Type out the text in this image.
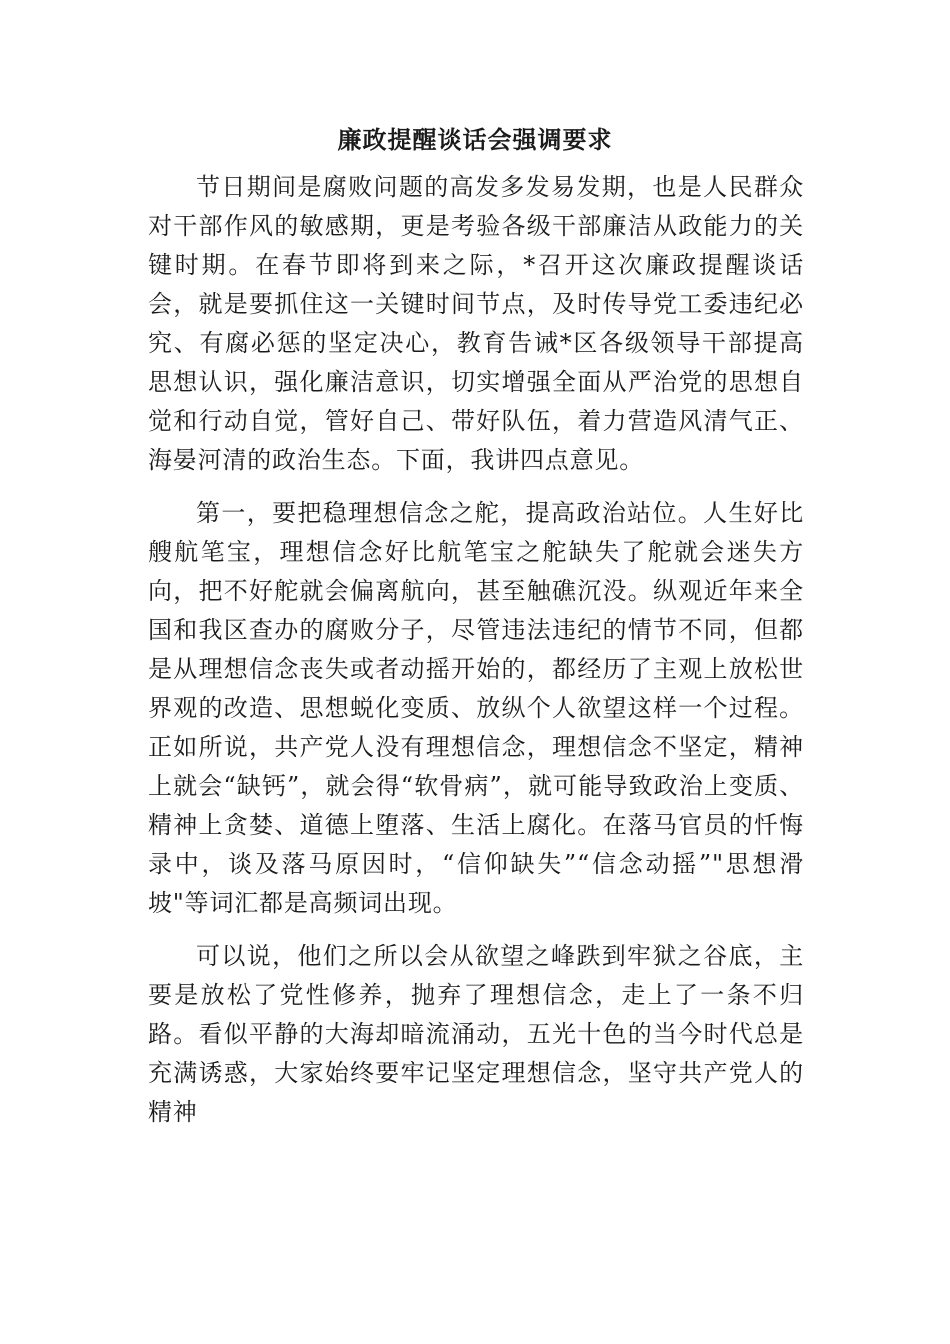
廉政提醒谈话会强调要求

节日期间是腐败问题的高发多发易发期，也是人民群众对干部作风的敏感期，更是考验各级干部廉洁从政能力的关键时期。在春节即将到来之际，*召开这次廉政提醒谈话会，就是要抓住这一关键时间节点，及时传导党工委违纪必究、有腐必惩的坚定决心，教育告诫*区各级领导干部提高思想认识，强化廉洁意识，切实增强全面从严治党的思想自觉和行动自觉，管好自己、带好队伍，着力营造风清气正、海晏河清的政治生态。下面，我讲四点意见。

第一，要把稳理想信念之舵，提高政治站位。人生好比艘航笔宝，理想信念好比航笔宝之舵缺失了舵就会迷失方向，把不好舵就会偏离航向，甚至触礁沉没。纵观近年来全国和我区查办的腐败分子，尽管违法违纪的情节不同，但都是从理想信念丧失或者动摇开始的，都经历了主观上放松世界观的改造、思想蜕化变质、放纵个人欲望这样一个过程。正如所说，共产党人没有理想信念，理想信念不坚定，精神上就会“缺钙”，就会得“软骨病”，就可能导致政治上变质、精神上贪婪、道德上堕落、生活上腐化。在落马官员的忏悔录中，谈及落马原因时，“信仰缺失”“信念动摇”"思想滑坡"等词汇都是高频词出现。

可以说，他们之所以会从欲望之峰跌到牢狱之谷底，主要是放松了党性修养，抛弃了理想信念，走上了一条不归路。看似平静的大海却暗流涌动，五光十色的当今时代总是充满诱惑，大家始终要牢记坚定理想信念，坚守共产党人的精神
